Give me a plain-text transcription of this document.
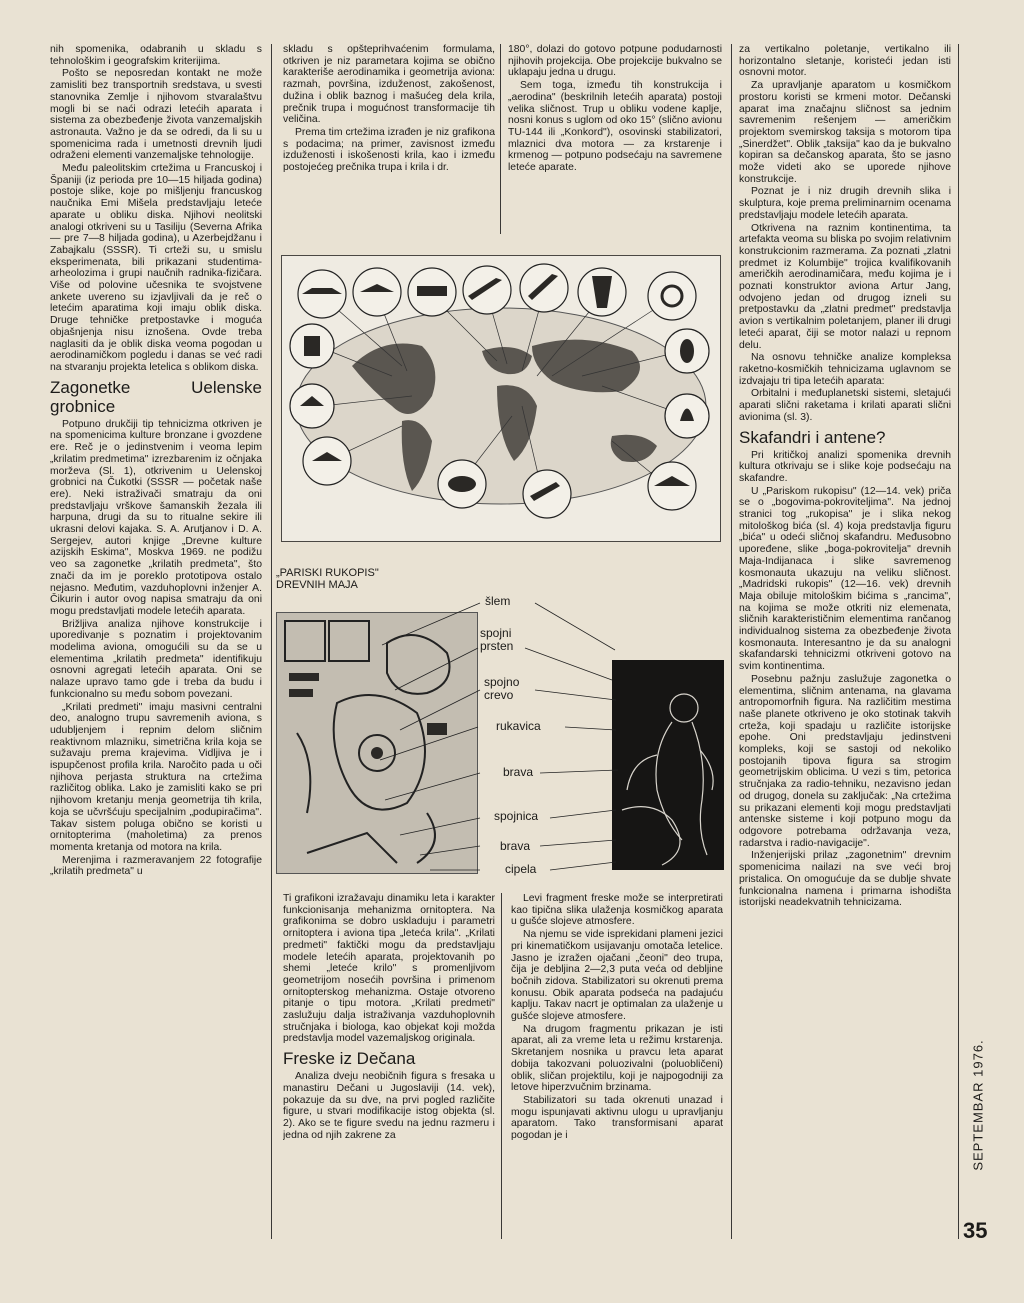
nih spomenika, odabranih u skladu s tehnološkim i geografskim kriterijima.

Pošto se neposredan kontakt ne može zamisliti bez transportnih sredstava, u svesti stanovnika Zemlje i njihovom stvaralaštvu mogli bi se naći odrazi letećih aparata i sistema za obezbeđenje života vanzemaljskih astronauta. Važno je da se odredi, da li su u spomenicima rada i umetnosti drevnih ljudi odraženi elementi vanzemaljske tehnologije.

Među paleolitskim crtežima u Francuskoj i Španiji (iz perioda pre 10—15 hiljada godina) postoje slike, koje po mišljenju francuskog naučnika Emi Mišela predstavljaju leteće aparate u obliku diska. Njihovi neolitski analogi otkriveni su u Tasiliju (Severna Afrika — pre 7—8 hiljada godina), u Azerbejdžanu i Zabajkalu (SSSR). Ti crteži su, u smislu eksperimenata, bili prikazani studentima-arheolozima i grupi naučnih radnika-fizičara. Više od polovine učesnika te svojstvene ankete uvereno su izjavljivali da je reč o letećim aparatima koji imaju oblik diska. Druge tehničke pretpostavke i moguća objašnjenja nisu iznošena. Ovde treba naglasiti da je oblik diska veoma pogodan u aerodinamičkom pogledu i danas se već radi na stvaranju projekta letelica s oblikom diska.

Zagonetke Uelenske grobnice

Potpuno drukčiji tip tehnicizma otkriven je na spomenicima kulture bronzane i gvozdene ere. Reč je o jedinstvenim i veoma lepim „krilatim predmetima" izrezbarenim iz očnjaka morževa (Sl. 1), otkrivenim u Uelenskoj grobnici na Čukotki (SSSR — početak naše ere). Neki istraživači smatraju da oni predstavljaju vrškove šamanskih žezala ili harpuna, drugi da su to ritualne sekire ili ukrasni delovi kajaka. S. A. Arutjanov i D. A. Sergejev, autori knjige „Drevne kulture azijskih Eskima", Moskva 1969. ne podižu veo sa zagonetke „krilatih predmeta", što znači da im je poreklo prototipova ostalo nejasno. Međutim, vazduhoplovni inženjer A. Čikurin i autor ovog napisa smatraju da oni mogu predstavljati modele letećih aparata.

Brižljiva analiza njihove konstrukcije i uporedivanje s poznatim i projektovanim modelima aviona, omogućili su da se u elementima „krilatih predmeta" identifikuju osnovni agregati letećih aparata. Oni se nalaze upravo tamo gde i treba da budu i funkcionalno su među sobom povezani.

„Krilati predmeti" imaju masivni centralni deo, analogno trupu savremenih aviona, s udubljenjem i repnim delom sličnim reaktivnom mlazniku, simetrična krila koja se sužavaju prema krajevima. Vidljiva je i ispupčenost profila krila. Naročito pada u oči njihova perjasta struktura na crtežima različitog oblika. Lako je zamisliti kako se pri njihovom kretanju menja geometrija tih krila, koja se učvršćuju specijalnim „podupiračima". Takav sistem poluga obično se koristi u ornitopterima (maholetima) za prenos momenta kretanja od motora na krila.

Merenjima i razmeravanjem 22 fotografije „krilatih predmeta" u

skladu s opšteprihvaćenim formulama, otkriven je niz parametara kojima se obično karakteriše aerodinamika i geometrija aviona: razmah, površina, izduženost, zakošenost, dužina i oblik baznog i mašućeg dela krila, prečnik trupa i mogućnost transformacije tih veličina.

Prema tim crtežima izrađen je niz grafikona s podacima; na primer, zavisnost između izduženosti i iskošenosti krila, kao i između postojećeg prečnika trupa i krila i dr.

180°, dolazi do gotovo potpune podudarnosti njihovih projekcija. Obe projekcije bukvalno se uklapaju jedna u drugu.

Sem toga, između tih konstrukcija i „aerodina" (beskrilnih letećih aparata) postoji velika sličnost. Trup u obliku vodene kaplje, nosni konus s uglom od oko 15° (slično avionu TU-144 ili „Konkord"), osovinski stabilizatori, mlaznici dva motora — za krstarenje i krmenog — potpuno podsećaju na savremene leteće aparate.

za vertikalno poletanje, vertikalno ili horizontalno sletanje, koristeći jedan isti osnovni motor.

Za upravljanje aparatom u kosmičkom prostoru koristi se krmeni motor. Dečanski aparat ima značajnu sličnost sa jednim savremenim rešenjem — američkim projektom svemirskog taksija s motorom tipa „Sinerdžet". Oblik „taksija" kao da je bukvalno kopiran sa dečanskog aparata, što se jasno može videti ako se uporede njihove konstrukcije.

Poznat je i niz drugih drevnih slika i skulptura, koje prema preliminarnim ocenama predstavljaju modele letećih aparata.

Otkrivena na raznim kontinentima, ta artefakta veoma su bliska po svojim relativnim konstrukcionim razmerama. Za poznati „zlatni predmet iz Kolumbije" trojica kvalifikovanih američkih aerodinamičara, među kojima je i poznati konstruktor aviona Artur Jang, odvojeno jedan od drugog izneli su pretpostavku da „zlatni predmet" predstavlja avion s vertikalnim poletanjem, planer ili drugi leteći aparat, čiji se motor nalazi u repnom delu.

Na osnovu tehničke analize kompleksa raketno-kosmičkih tehnicizama uglavnom se izdvajaju tri tipa letećih aparata:

Orbitalni i međuplanetski sistemi, sletajući aparati slični raketama i krilati aparati slični avionima (sl. 3).

Skafandri i antene?

Pri kritičkoj analizi spomenika drevnih kultura otkrivaju se i slike koje podsećaju na skafandre.

U „Pariskom rukopisu" (12—14. vek) priča se o „bogovima-pokroviteljima". Na jednoj stranici tog „rukopisa" je i slika nekog mitološkog bića (sl. 4) koja predstavlja figuru „bića" u odeći sličnoj skafandru. Međusobno upoređene, slike „boga-pokrovitelja" drevnih Maja-Indijanaca i slike savremenog kosmonauta ukazuju na veliku sličnost. „Madridski rukopis" (12—16. vek) drevnih Maja obiluje mitološkim bićima s „rancima", na kojima se može otkriti niz elemenata, sličnih karakterističnim elementima rančanog individualnog sistema za obezbeđenje života kosmonauta. Interesantno je da su analogni skafandarski tehnicizmi otkriveni gotovo na svim kontinentima.

Posebnu pažnju zaslužuje zagonetka o elementima, sličnim antenama, na glavama antropomorfnih figura. Na različitim mestima naše planete otkriveno je oko stotinak takvih crteža, koji spadaju u različite istorijske epohe. Oni predstavljaju jedinstveni kompleks, koji se sastoji od nekoliko postojanih tipova figura sa strogim geometrijskim oblicima. U vezi s tim, petorica stručnjaka za radio-tehniku, nezavisno jedan od drugog, donela su zaključak: „Na crtežima su prikazani elementi koji mogu predstavljati antenske sisteme i koji potpuno mogu da odgovore potrebama održavanja veza, radarstva i radio-navigacije".

Inženjerijski prilaz „zagonetnim" drevnim spomenicima nailazi na sve veći broj pristalica. On omogućuje da se dublje shvate funkcionalna namena i primarna ishodišta istorijski neadekvatnih tehnicizama.

„PARISKI RUKOPIS" DREVNIH MAJA
šlem
spojni prsten
spojno crevo
rukavica
brava
spojnica
brava
cipela

Ti grafikoni izražavaju dinamiku leta i karakter funkcionisanja mehanizma ornitoptera. Na grafikonima se dobro uskladuju i parametri ornitoptera i aviona tipa „leteća krila". „Krilati predmeti" faktički mogu da predstavljaju modele letećih aparata, projektovanih po shemi „leteće krilo" s promenljivom geometrijom nosećih površina i primenom ornitopterskog mehanizma. Ostaje otvoreno pitanje o tipu motora. „Krilati predmeti" zaslužuju dalja istraživanja vazduhoplovnih stručnjaka i biologa, kao objekat koji možda predstavlja model vazemaljskog originala.

Freske iz Dečana

Analiza dveju neobičnih figura s fresaka u manastiru Dečani u Jugoslaviji (14. vek), pokazuje da su dve, na prvi pogled različite figure, u stvari modifikacije istog objekta (sl. 2). Ako se te figure svedu na jednu razmeru i jedna od njih zakrene za

Levi fragment freske može se interpretirati kao tipična slika ulaženja kosmičkog aparata u gušće slojeve atmosfere.

Na njemu se vide isprekidani plameni jezici pri kinematičkom usijavanju omotača letelice. Jasno je izražen ojačani „čeoni" deo trupa, čija je debljina 2—2,3 puta veća od debljine bočnih zidova. Stabilizatori su okrenuti prema konusu. Obik aparata podseća na padajuću kaplju. Takav nacrt je optimalan za ulaženje u gušće slojeve atmosfere.

Na drugom fragmentu prikazan je isti aparat, ali za vreme leta u režimu krstarenja. Skretanjem nosnika u pravcu leta aparat dobija takozvani poluozivalni (poluobličeni) oblik, sličan projektilu, koji je najpogodniji za letove hiperzvučnim brzinama.

Stabilizatori su tada okrenuti unazad i mogu ispunjavati aktivnu ulogu u upravljanju aparatom. Tako transformisani aparat pogodan je i	SEPTEMBAR 1976.
35
